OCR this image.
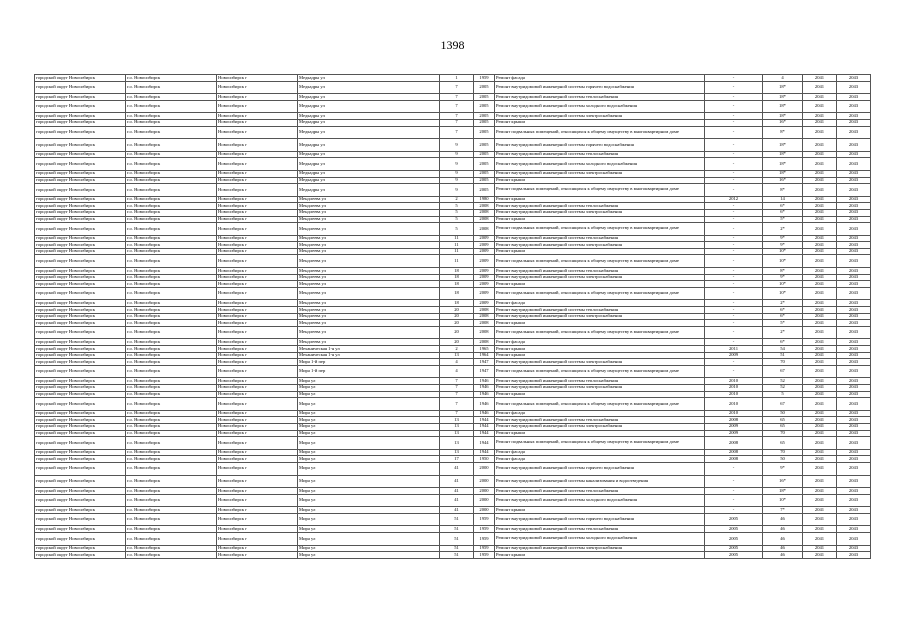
1398
городской округ Новосибирск	г.о. Новосибирск	Новосибирск г	Медкадры ул	1	1959	Ремонт фасада	-	4	2041	2043
городской округ Новосибирск	г.о. Новосибирск	Новосибирск г	Медкадры ул	7	2005	Ремонт внутридомовой инженерной системы горячего водоснабжения	-	18*	2041	2043
городской округ Новосибирск	г.о. Новосибирск	Новосибирск г	Медкадры ул	7	2005	Ремонт внутридомовой инженерной системы теплоснабжения	-	18*	2041	2043
городской округ Новосибирск	г.о. Новосибирск	Новосибирск г	Медкадры ул	7	2005	Ремонт внутридомовой инженерной системы холодного водоснабжения	-	18*	2041	2043
городской округ Новосибирск	г.о. Новосибирск	Новосибирск г	Медкадры ул	7	2005	Ремонт внутридомовой инженерной системы электроснабжения	-	18*	2041	2043
городской округ Новосибирск	г.о. Новосибирск	Новосибирск г	Медкадры ул	7	2005	Ремонт крыши	-	16*	2041	2043
городской округ Новосибирск	г.о. Новосибирск	Новосибирск г	Медкадры ул	7	2005	Ремонт подвальных помещений, относящихся к общему имуществу в многоквартирном доме	-	8*	2041	2043
городской округ Новосибирск	г.о. Новосибирск	Новосибирск г	Медкадры ул	9	2005	Ремонт внутридомовой инженерной системы горячего водоснабжения	-	18*	2041	2043
городской округ Новосибирск	г.о. Новосибирск	Новосибирск г	Медкадры ул	9	2005	Ремонт внутридомовой инженерной системы теплоснабжения	-	18*	2041	2043
городской округ Новосибирск	г.о. Новосибирск	Новосибирск г	Медкадры ул	9	2005	Ремонт внутридомовой инженерной системы холодного водоснабжения	-	18*	2041	2043
городской округ Новосибирск	г.о. Новосибирск	Новосибирск г	Медкадры ул	9	2005	Ремонт внутридомовой инженерной системы электроснабжения	-	18*	2041	2043
городской округ Новосибирск	г.о. Новосибирск	Новосибирск г	Медкадры ул	9	2005	Ремонт крыши	-	16*	2041	2043
городской округ Новосибирск	г.о. Новосибирск	Новосибирск г	Медкадры ул	9	2005	Ремонт подвальных помещений, относящихся к общему имуществу в многоквартирном доме	-	8*	2041	2043
городской округ Новосибирск	г.о. Новосибирск	Новосибирск г	Мендлеева ул	2	1980	Ремонт крыши	2012	14	2041	2043
городской округ Новосибирск	г.о. Новосибирск	Новосибирск г	Мендлеева ул	5	2008	Ремонт внутридомовой инженерной системы теплоснабжения	-	6*	2041	2043
городской округ Новосибирск	г.о. Новосибирск	Новосибирск г	Мендлеева ул	5	2008	Ремонт внутридомовой инженерной системы электроснабжения	-	6*	2041	2043
городской округ Новосибирск	г.о. Новосибирск	Новосибирск г	Мендлеева ул	5	2008	Ремонт крыши	-	5*	2041	2043
городской округ Новосибирск	г.о. Новосибирск	Новосибирск г	Мендлеева ул	5	2008	Ремонт подвальных помещений, относящихся к общему имуществу в многоквартирном доме	-	2*	2041	2043
городской округ Новосибирск	г.о. Новосибирск	Новосибирск г	Мендлеева ул	11	2009	Ремонт внутридомовой инженерной системы теплоснабжения	-	9*	2041	2043
городской округ Новосибирск	г.о. Новосибирск	Новосибирск г	Мендлеева ул	11	2009	Ремонт внутридомовой инженерной системы электроснабжения	-	9*	2041	2043
городской округ Новосибирск	г.о. Новосибирск	Новосибирск г	Мендлеева ул	11	2009	Ремонт крыши	-	10*	2041	2043
городской округ Новосибирск	г.о. Новосибирск	Новосибирск г	Мендлеева ул	11	2009	Ремонт подвальных помещений, относящихся к общему имуществу в многоквартирном доме	-	10*	2041	2043
городской округ Новосибирск	г.о. Новосибирск	Новосибирск г	Мендлеева ул	18	2009	Ремонт внутридомовой инженерной системы теплоснабжения	-	8*	2041	2043
городской округ Новосибирск	г.о. Новосибирск	Новосибирск г	Мендлеева ул	18	2009	Ремонт внутридомовой инженерной системы электроснабжения	-	9*	2041	2043
городской округ Новосибирск	г.о. Новосибирск	Новосибирск г	Мендлеева ул	18	2009	Ремонт крыши	-	10*	2041	2043
городской округ Новосибирск	г.о. Новосибирск	Новосибирск г	Мендлеева ул	18	2009	Ремонт подвальных помещений, относящихся к общему имуществу в многоквартирном доме	-	10*	2041	2043
городской округ Новосибирск	г.о. Новосибирск	Новосибирск г	Мендлеева ул	18	2009	Ремонт фасада	-	2*	2041	2043
городской округ Новосибирск	г.о. Новосибирск	Новосибирск г	Мендлеева ул	20	2008	Ремонт внутридомовой инженерной системы теплоснабжения	-	6*	2041	2043
городской округ Новосибирск	г.о. Новосибирск	Новосибирск г	Мендлеева ул	20	2008	Ремонт внутридомовой инженерной системы электроснабжения	-	6*	2041	2043
городской округ Новосибирск	г.о. Новосибирск	Новосибирск г	Мендлеева ул	20	2008	Ремонт крыши	-	5*	2041	2043
городской округ Новосибирск	г.о. Новосибирск	Новосибирск г	Мендлеева ул	20	2008	Ремонт подвальных помещений, относящихся к общему имуществу в многоквартирном доме	-	2*	2041	2043
городской округ Новосибирск	г.о. Новосибирск	Новосибирск г	Мендлеева ул	20	2008	Ремонт фасада	-	6*	2041	2043
городской округ Новосибирск	г.о. Новосибирск	Новосибирск г	Механическая 1-я ул	2	1965	Ремонт крыши	2011	54	2041	2043
городской округ Новосибирск	г.о. Новосибирск	Новосибирск г	Механическая 1-я ул	13	1964	Ремонт крыши	2009	51	2041	2043
городской округ Новосибирск	г.о. Новосибирск	Новосибирск г	Мира 1-й пер	4	1947	Ремонт внутридомовой инженерной системы электроснабжения	-	70	2041	2043
городской округ Новосибирск	г.о. Новосибирск	Новосибирск г	Мира 1-й пер	4	1947	Ремонт подвальных помещений, относящихся к общему имуществу в многоквартирном доме	-	67	2041	2043
городской округ Новосибирск	г.о. Новосибирск	Новосибирск г	Мира ул	7	1946	Ремонт внутридомовой инженерной системы теплоснабжения	2010	52	2041	2043
городской округ Новосибирск	г.о. Новосибирск	Новосибирск г	Мира ул	7	1946	Ремонт внутридомовой инженерной системы электроснабжения	2010	52	2041	2043
городской округ Новосибирск	г.о. Новосибирск	Новосибирск г	Мира ул	7	1946	Ремонт крыши	2010	5	2041	2043
городской округ Новосибирск	г.о. Новосибирск	Новосибирск г	Мира ул	7	1946	Ремонт подвальных помещений, относящихся к общему имуществу в многоквартирном доме	2010	67	2041	2043
городской округ Новосибирск	г.о. Новосибирск	Новосибирск г	Мира ул	7	1946	Ремонт фасада	2010	50	2041	2043
городской округ Новосибирск	г.о. Новосибирск	Новосибирск г	Мира ул	13	1944	Ремонт внутридомовой инженерной системы теплоснабжения	2008	65	2041	2043
городской округ Новосибирск	г.о. Новосибирск	Новосибирск г	Мира ул	13	1944	Ремонт внутридомовой инженерной системы электроснабжения	2009	65	2041	2043
городской округ Новосибирск	г.о. Новосибирск	Новосибирск г	Мира ул	13	1944	Ремонт крыши	2009	70	2041	2043
городской округ Новосибирск	г.о. Новосибирск	Новосибирск г	Мира ул	13	1944	Ремонт подвальных помещений, относящихся к общему имуществу в многоквартирном доме	2008	65	2041	2043
городской округ Новосибирск	г.о. Новосибирск	Новосибирск г	Мира ул	13	1944	Ремонт фасада	2008	70	2041	2043
городской округ Новосибирск	г.о. Новосибирск	Новосибирск г	Мира ул	17	1950	Ремонт фасада	2008	50	2041	2043
городской округ Новосибирск	г.о. Новосибирск	Новосибирск г	Мира ул	41	2000	Ремонт внутридомовой инженерной системы горячего водоснабжения	-	9*	2041	2043
городской округ Новосибирск	г.о. Новосибирск	Новосибирск г	Мира ул	41	2000	Ремонт внутридомовой инженерной системы канализования и водоотведения	-	16*	2041	2043
городской округ Новосибирск	г.о. Новосибирск	Новосибирск г	Мира ул	41	2000	Ремонт внутридомовой инженерной системы теплоснабжения	-	18*	2041	2043
городской округ Новосибирск	г.о. Новосибирск	Новосибирск г	Мира ул	41	2000	Ремонт внутридомовой инженерной системы холодного водоснабжения	-	10*	2041	2043
городской округ Новосибирск	г.о. Новосибирск	Новосибирск г	Мира ул	41	2000	Ремонт крыши	-	7*	2041	2043
городской округ Новосибирск	г.о. Новосибирск	Новосибирск г	Мира ул	51	1959	Ремонт внутридомовой инженерной системы горячего водоснабжения	2005	46	2041	2043
городской округ Новосибирск	г.о. Новосибирск	Новосибирск г	Мира ул	51	1959	Ремонт внутридомовой инженерной системы теплоснабжения	2005	46	2041	2043
городской округ Новосибирск	г.о. Новосибирск	Новосибирск г	Мира ул	51	1959	Ремонт внутридомовой инженерной системы холодного водоснабжения	2005	46	2041	2043
городской округ Новосибирск	г.о. Новосибирск	Новосибирск г	Мира ул	51	1959	Ремонт внутридомовой инженерной системы электроснабжения	2005	46	2041	2043
городской округ Новосибирск	г.о. Новосибирск	Новосибирск г	Мира ул	51	1959	Ремонт крыши	2005	46	2041	2043
